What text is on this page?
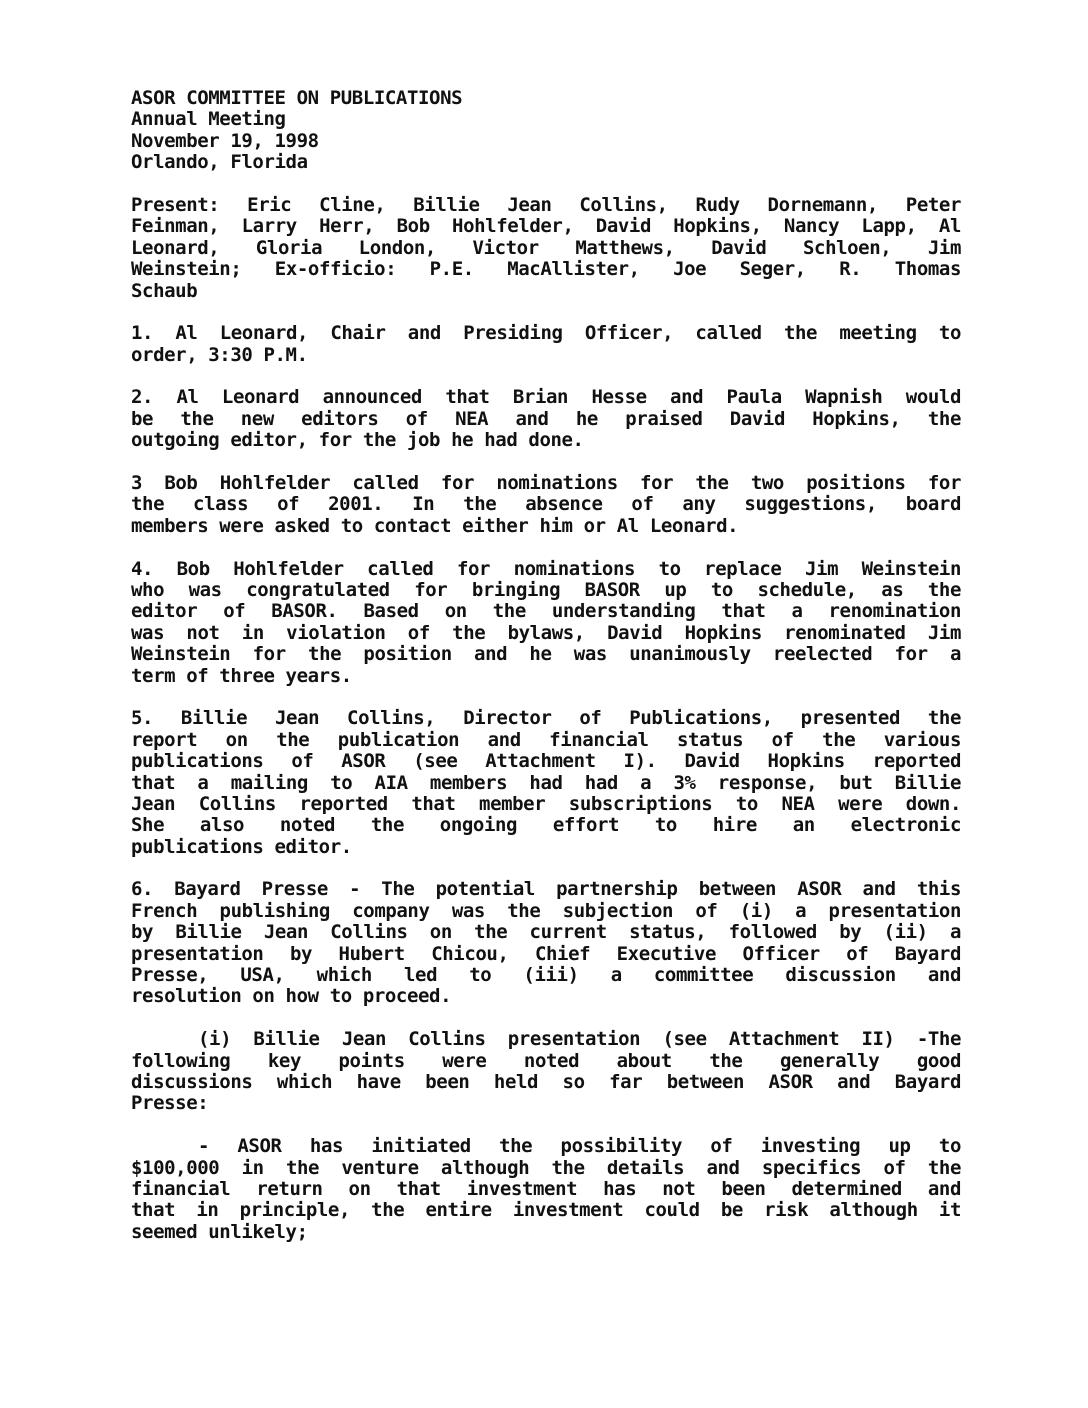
ASOR COMMITTEE ON PUBLICATIONS
Annual Meeting
November 19, 1998
Orlando, Florida
Present: Eric Cline, Billie Jean Collins, Rudy Dornemann, Peter
Feinman, Larry Herr, Bob Hohlfelder, David Hopkins, Nancy Lapp, Al
Leonard, Gloria London, Victor Matthews, David Schloen, Jim
Weinstein; Ex-officio: P.E. MacAllister, Joe Seger, R. Thomas
Schaub
1. Al Leonard, Chair and Presiding Officer, called the meeting to
order, 3:30 P.M.
2. Al Leonard announced that Brian Hesse and Paula Wapnish would
be the new editors of NEA and he praised David Hopkins, the
outgoing editor, for the job he had done.
3 Bob Hohlfelder called for nominations for the two positions for
the class of 2001. In the absence of any suggestions, board
members were asked to contact either him or Al Leonard.
4. Bob Hohlfelder called for nominations to replace Jim Weinstein
who was congratulated for bringing BASOR up to schedule, as the
editor of BASOR. Based on the understanding that a renomination
was not in violation of the bylaws, David Hopkins renominated Jim
Weinstein for the position and he was unanimously reelected for a
term of three years.
5. Billie Jean Collins, Director of Publications, presented the
report on the publication and financial status of the various
publications of ASOR (see Attachment I). David Hopkins reported
that a mailing to AIA members had had a 3% response, but Billie
Jean Collins reported that member subscriptions to NEA were down.
She also noted the ongoing effort to hire an electronic
publications editor.
6. Bayard Presse - The potential partnership between ASOR and this
French publishing company was the subjection of (i) a presentation
by Billie Jean Collins on the current status, followed by (ii) a
presentation by Hubert Chicou, Chief Executive Officer of Bayard
Presse, USA, which led to (iii) a committee discussion and
resolution on how to proceed.
(i) Billie Jean Collins presentation (see Attachment II) -The
following key points were noted about the generally good
discussions which have been held so far between ASOR and Bayard
Presse:
- ASOR has initiated the possibility of investing up to
$100,000 in the venture although the details and specifics of the
financial return on that investment has not been determined and
that in principle, the entire investment could be risk although it
seemed unlikely;
